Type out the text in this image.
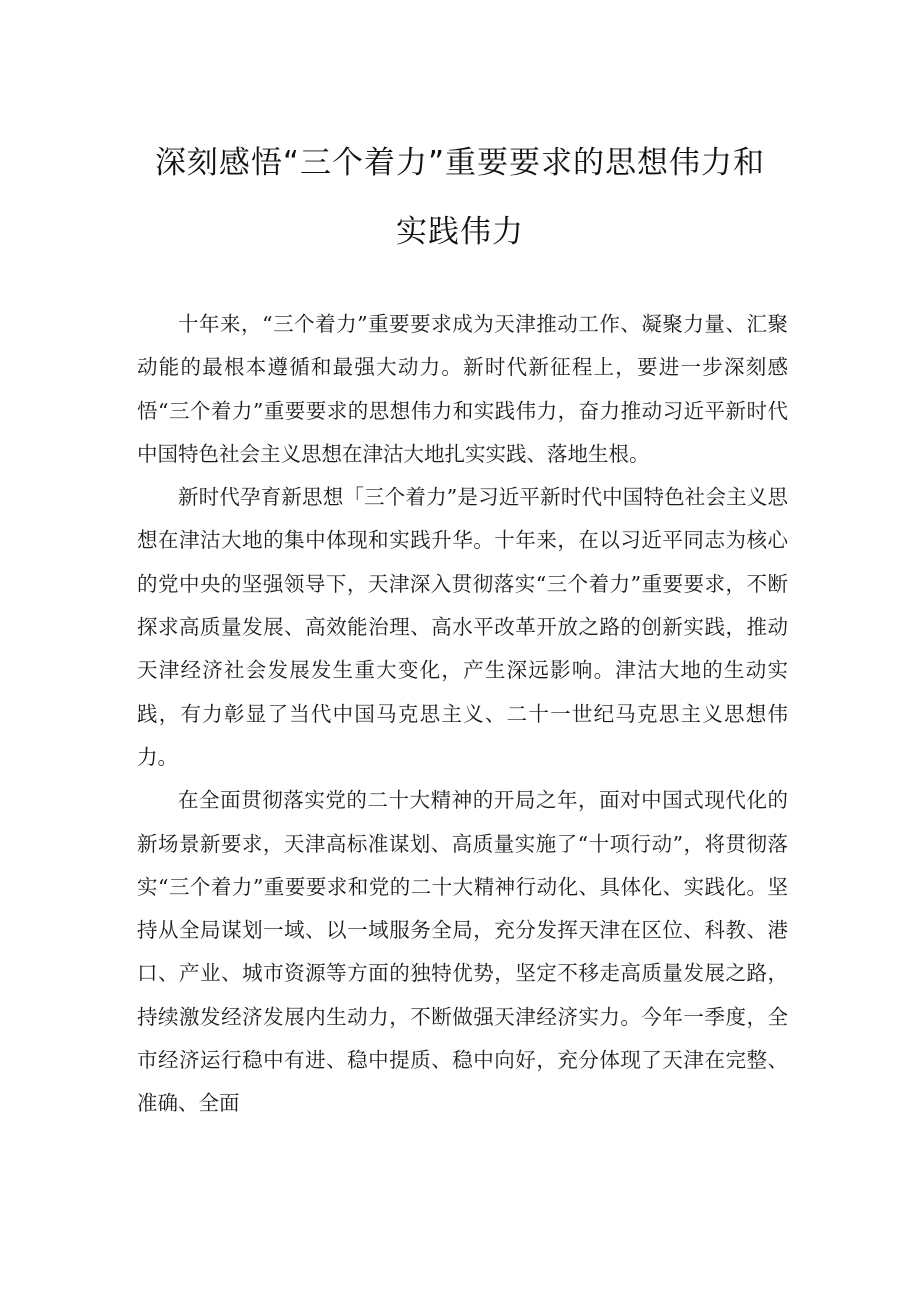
深刻感悟“三个着力”重要要求的思想伟力和
实践伟力

十年来，“三个着力”重要要求成为天津推动工作、凝聚力量、汇聚动能的最根本遵循和最强大动力。新时代新征程上，要进一步深刻感悟“三个着力”重要要求的思想伟力和实践伟力，奋力推动习近平新时代中国特色社会主义思想在津沽大地扎实实践、落地生根。

新时代孕育新思想「三个着力”是习近平新时代中国特色社会主义思想在津沽大地的集中体现和实践升华。十年来，在以习近平同志为核心的党中央的坚强领导下，天津深入贯彻落实“三个着力”重要要求，不断探求高质量发展、高效能治理、高水平改革开放之路的创新实践，推动天津经济社会发展发生重大变化，产生深远影响。津沽大地的生动实践，有力彰显了当代中国马克思主义、二十一世纪马克思主义思想伟力。

在全面贯彻落实党的二十大精神的开局之年，面对中国式现代化的新场景新要求，天津高标准谋划、高质量实施了“十项行动”，将贯彻落实“三个着力”重要要求和党的二十大精神行动化、具体化、实践化。坚持从全局谋划一域、以一域服务全局，充分发挥天津在区位、科教、港口、产业、城市资源等方面的独特优势，坚定不移走高质量发展之路，持续激发经济发展内生动力，不断做强天津经济实力。今年一季度，全市经济运行稳中有进、稳中提质、稳中向好，充分体现了天津在完整、准确、全面
